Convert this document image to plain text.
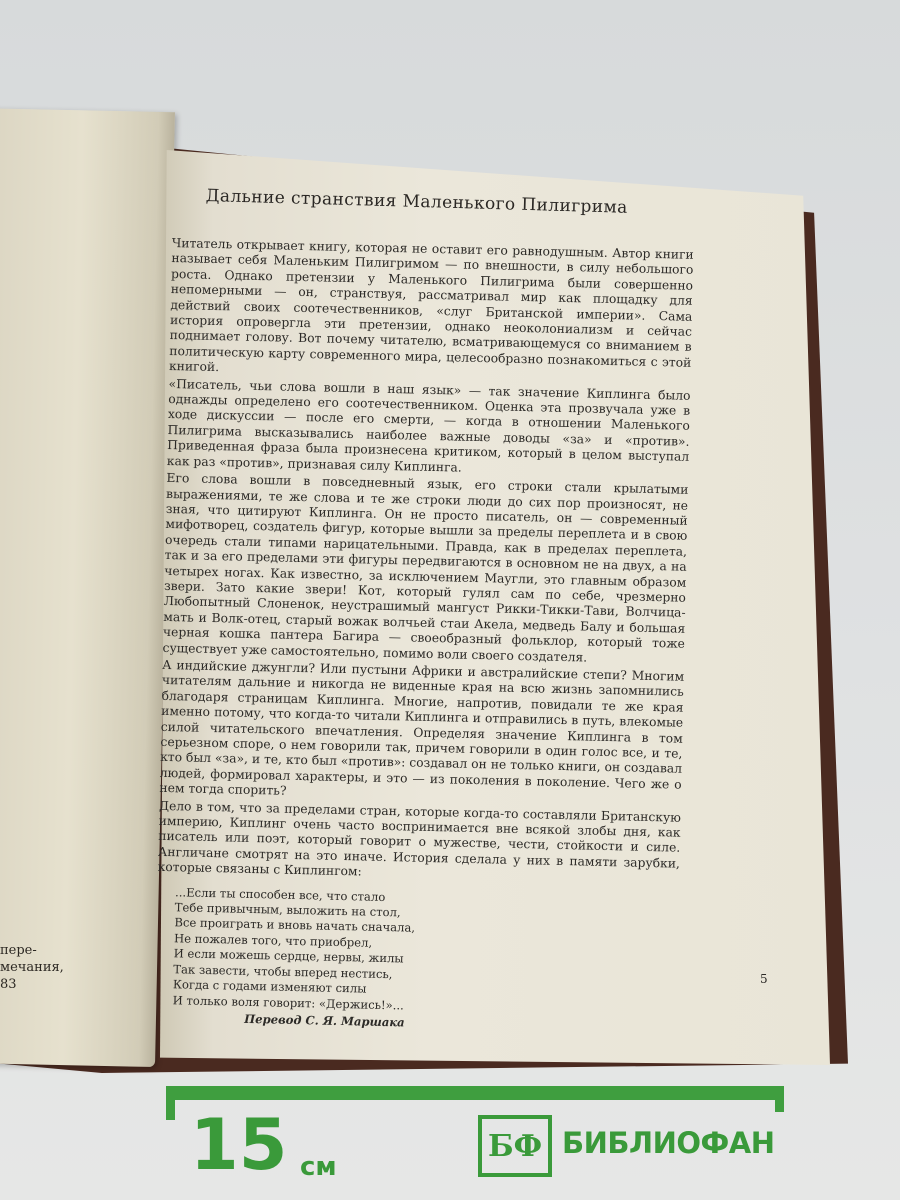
пере-
мечания,
83
Дальние странствия Маленького Пилигрима

Читатель открывает книгу, которая не оставит его равнодушным. Автор книги называет себя Маленьким Пилигримом — по внешности, в силу небольшого роста. Однако претензии у Маленького Пилигрима были совершенно непомерными — он, странствуя, рассматривал мир как площадку для действий своих соотечественников, «слуг Британской империи». Сама история опровергла эти претензии, однако неоколониализм и сейчас поднимает голову. Вот почему читателю, всматривающемуся со вниманием в политическую карту современного мира, целесообразно познакомиться с этой книгой.

«Писатель, чьи слова вошли в наш язык» — так значение Киплинга было однажды определено его соотечественником. Оценка эта прозвучала уже в ходе дискуссии — после его смерти, — когда в отношении Маленького Пилигрима высказывались наиболее важные доводы «за» и «против». Приведенная фраза была произнесена критиком, который в целом выступал как раз «против», признавая силу Киплинга.

Его слова вошли в повседневный язык, его строки стали крылатыми выражениями, те же слова и те же строки люди до сих пор произносят, не зная, что цитируют Киплинга. Он не просто писатель, он — современный мифотворец, создатель фигур, которые вышли за пределы переплета и в свою очередь стали типами нарицательными. Правда, как в пределах переплета, так и за его пределами эти фигуры передвигаются в основном не на двух, а на четырех ногах. Как известно, за исключением Маугли, это главным образом звери. Зато какие звери! Кот, который гулял сам по себе, чрезмерно Любопытный Слоненок, неустрашимый мангуст Рикки-Тикки-Тави, Волчица-мать и Волк-отец, старый вожак волчьей стаи Акела, медведь Балу и большая черная кошка пантера Багира — своеобразный фольклор, который тоже существует уже самостоятельно, помимо воли своего создателя.

А индийские джунгли? Или пустыни Африки и австралийские степи? Многим читателям дальние и никогда не виденные края на всю жизнь запомнились благодаря страницам Киплинга. Многие, напротив, повидали те же края именно потому, что когда-то читали Киплинга и отправились в путь, влекомые силой читательского впечатления. Определяя значение Киплинга в том серьезном споре, о нем говорили так, причем говорили в один голос все, и те, кто был «за», и те, кто был «против»: создавал он не только книги, он создавал людей, формировал характеры, и это — из поколения в поколение. Чего же о нем тогда спорить?

Дело в том, что за пределами стран, которые когда-то составляли Британскую империю, Киплинг очень часто воспринимается вне всякой злобы дня, как писатель или поэт, который говорит о мужестве, чести, стойкости и силе. Англичане смотрят на это иначе. История сделала у них в памяти зарубки, которые связаны с Киплингом:

...Если ты способен все, что стало
Тебе привычным, выложить на стол,
Все проиграть и вновь начать сначала,
Не пожалев того, что приобрел,
И если можешь сердце, нервы, жилы
Так завести, чтобы вперед нестись,
Когда с годами изменяют силы
И только воля говорит: «Держись!»...
Перевод С. Я. Маршака
5
15 см
БФ БИБЛИОФАН
